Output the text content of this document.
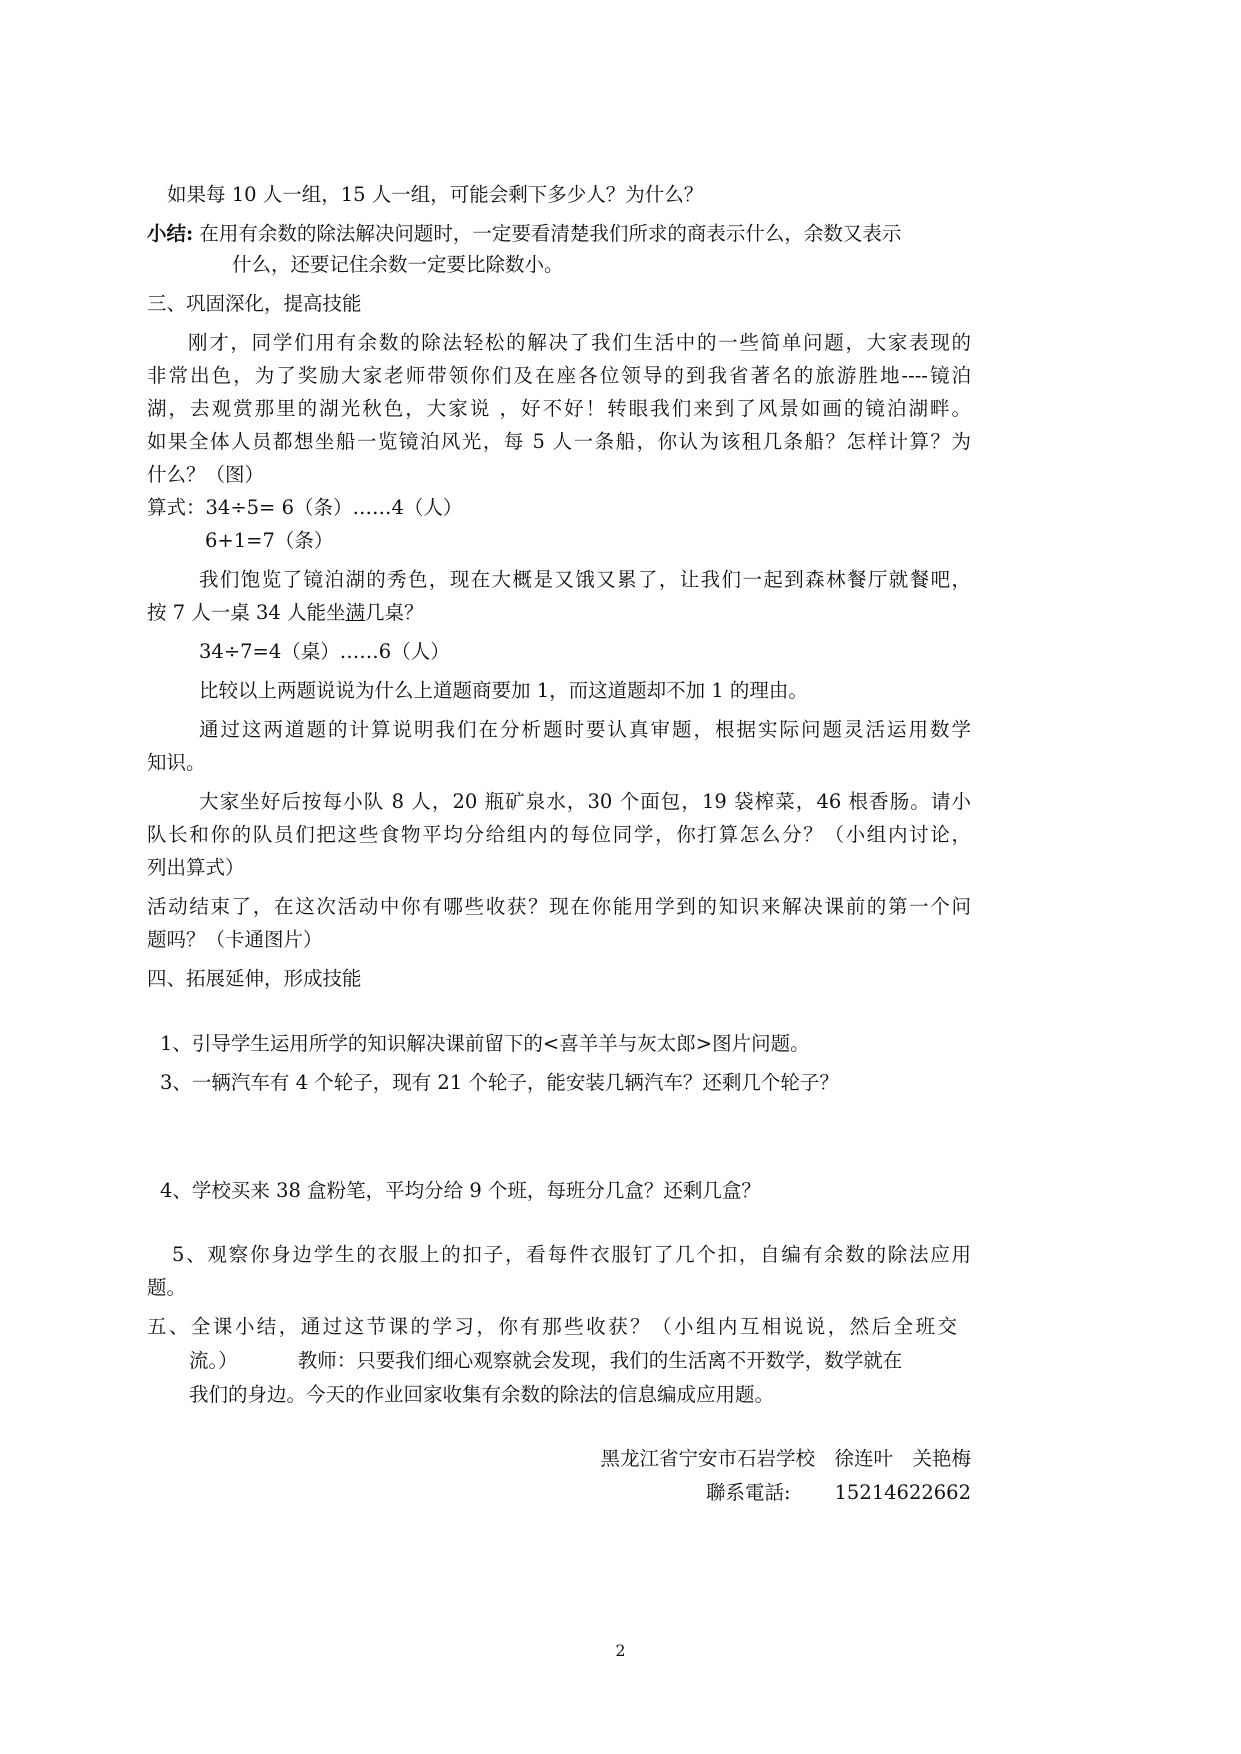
如果每 10 人一组，15 人一组，可能会剩下多少人？为什么？
小结: 在用有余数的除法解决问题时，一定要看清楚我们所求的商表示什么，余数又表示
什么，还要记住余数一定要比除数小。
三、巩固深化，提高技能
刚才，同学们用有余数的除法轻松的解决了我们生活中的一些简单问题，大家表现的
非常出色，为了奖励大家老师带领你们及在座各位领导的到我省著名的旅游胜地----镜泊
湖，去观赏那里的湖光秋色，大家说 ，好不好！转眼我们来到了风景如画的镜泊湖畔。
如果全体人员都想坐船一览镜泊风光，每 5 人一条船，你认为该租几条船？怎样计算？为
什么？（图）
算式：34÷5= 6（条）……4（人）
6+1=7（条）
我们饱览了镜泊湖的秀色，现在大概是又饿又累了，让我们一起到森林餐厅就餐吧，
按 7 人一桌 34 人能坐满几桌？
34÷7=4（桌）……6（人）
比较以上两题说说为什么上道题商要加 1，而这道题却不加 1 的理由。
通过这两道题的计算说明我们在分析题时要认真审题，根据实际问题灵活运用数学
知识。
大家坐好后按每小队 8 人，20 瓶矿泉水，30 个面包，19 袋榨菜，46 根香肠。请小
队长和你的队员们把这些食物平均分给组内的每位同学，你打算怎么分？（小组内讨论，
列出算式）
活动结束了，在这次活动中你有哪些收获？现在你能用学到的知识来解决课前的第一个问
题吗？（卡通图片）
四、拓展延伸，形成技能
1、引导学生运用所学的知识解决课前留下的<喜羊羊与灰太郎>图片问题。
3、一辆汽车有 4 个轮子，现有 21 个轮子，能安装几辆汽车？还剩几个轮子？
4、学校买来 38 盒粉笔，平均分给 9 个班，每班分几盒？还剩几盒？
5、观察你身边学生的衣服上的扣子，看每件衣服钉了几个扣，自编有余数的除法应用
题。
五、全课小结，通过这节课的学习，你有那些收获？（小组内互相说说，然后全班交
流。）	教师：只要我们细心观察就会发现，我们的生活离不开数学，数学就在
我们的身边。今天的作业回家收集有余数的除法的信息编成应用题。
黑龙江省宁安市石岩学校　徐连叶　关艳梅
聯系電話: 15214622662
2
